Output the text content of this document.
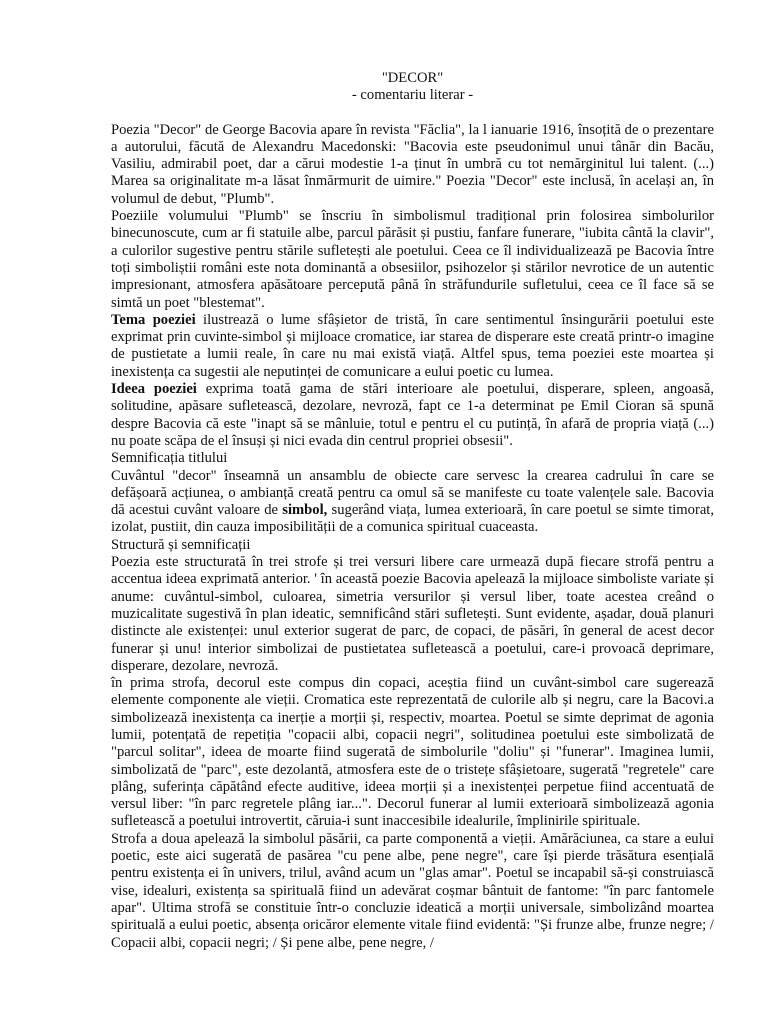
"DECOR"

- comentariu literar -

Poezia "Decor" de George Bacovia apare în revista "Făclia", la l ianuarie 1916, însoțită de o prezentare a autorului, făcută de Alexandru Macedonski: "Bacovia este pseudonimul unui tânăr din Bacău, Vasiliu, admirabil poet, dar a cărui modestie 1-a ținut în umbră cu tot nemărginitul lui talent. (...) Marea sa originalitate m-a lăsat înmărmurit de uimire." Poezia "Decor" este inclusă, în același an, în volumul de debut, "Plumb".

Poeziile volumului "Plumb" se înscriu în simbolismul tradițional prin folosirea simbolurilor binecunoscute, cum ar fi statuile albe, parcul părăsit și pustiu, fanfare funerare, "iubita cântă la clavir", a culorilor sugestive pentru stările sufletești ale poetului. Ceea ce îl individualizează pe Bacovia între toți simboliștii români este nota dominantă a obsesiilor, psihozelor și stărilor nevrotice de un autentic impresionant, atmosfera apăsătoare percepută până în străfundurile sufletului, ceea ce îl face să se simtă un poet "blestemat".

Tema poeziei ilustrează o lume sfâșietor de tristă, în care sentimentul însingurării poetului este exprimat prin cuvinte-simbol și mijloace cromatice, iar starea de disperare este creată printr-o imagine de pustietate a lumii reale, în care nu mai există viață. Altfel spus, tema poeziei este moartea și inexistența ca sugestii ale neputinței de comunicare a eului poetic cu lumea.

Ideea poeziei exprima toată gama de stări interioare ale poetului, disperare, spleen, angoasă, solitudine, apăsare sufletească, dezolare, nevroză, fapt ce 1-a determinat pe Emil Cioran să spună despre Bacovia că este "inapt să se mânluie, totul e pentru el cu putință, în afară de propria viață (...) nu poate scăpa de el însuși și nici evada din centrul propriei obsesii".

Semnificația titlului

Cuvântul "decor" înseamnă un ansamblu de obiecte care servesc la crearea cadrului în care se defășoară acțiunea, o ambianță creată pentru ca omul să se manifeste cu toate valențele sale. Bacovia dă acestui cuvânt valoare de simbol, sugerând viața, lumea exterioară, în care poetul se simte timorat, izolat, pustiit, din cauza imposibilității de a comunica spiritual cuaceasta.

Structură și semnificații

Poezia este structurată în trei strofe și trei versuri libere care urmează după fiecare strofă pentru a accentua ideea exprimată anterior. ' în această poezie Bacovia apelează la mijloace simboliste variate și anume: cuvântul-simbol, culoarea, simetria versurilor și versul liber, toate acestea creând o muzicalitate sugestivă în plan ideatic, semnificând stări sufletești. Sunt evidente, așadar, două planuri distincte ale existenței: unul exterior sugerat de parc, de copaci, de păsări, în general de acest decor funerar și unu! interior simbolizai de pustietatea sufletească a poetului, care-i provoacă deprimare, disperare, dezolare, nevroză.

în prima strofa, decorul este compus din copaci, aceștia fiind un cuvânt-simbol care sugerează elemente componente ale vieții. Cromatica este reprezentată de culorile alb și negru, care la Bacovi.a simbolizează inexistența ca inerție a morții și, respectiv, moartea. Poetul se simte deprimat de agonia lumii, potențată de repetiția "copacii albi, copacii negri", solitudinea poetului este simbolizată de "parcul solitar", ideea de moarte fiind sugerată de simbolurile "doliu" și "funerar". Imaginea lumii, simbolizată de "parc", este dezolantă, atmosfera este de o tristețe sfâșietoare, sugerată "regretele" care plâng, suferința căpătând efecte auditive, ideea morții și a inexistenței perpetue fiind accentuată de versul liber: "în parc regretele plâng iar...". Decorul funerar al lumii exterioară simbolizează agonia sufletească a poetului introvertit, căruia-i sunt inaccesibile idealurile, împlinirile spirituale.

Strofa a doua apelează la simbolul păsării, ca parte componentă a vieții. Amărăciunea, ca stare a eului poetic, este aici sugerată de pasărea "cu pene albe, pene negre", care își pierde trăsătura esențială pentru existența ei în univers, trilul, având acum un "glas amar". Poetul se incapabil să-și construiască vise, idealuri, existența sa spirituală fiind un adevărat coșmar bântuit de fantome: "în parc fantomele apar". Ultima strofă se constituie într-o concluzie ideatică a morții universale, simbolizând moartea spirituală a eului poetic, absența oricăror elemente vitale fiind evidentă: "Și frunze albe, frunze negre; / Copacii albi, copacii negri; / Și pene albe, pene negre, /
